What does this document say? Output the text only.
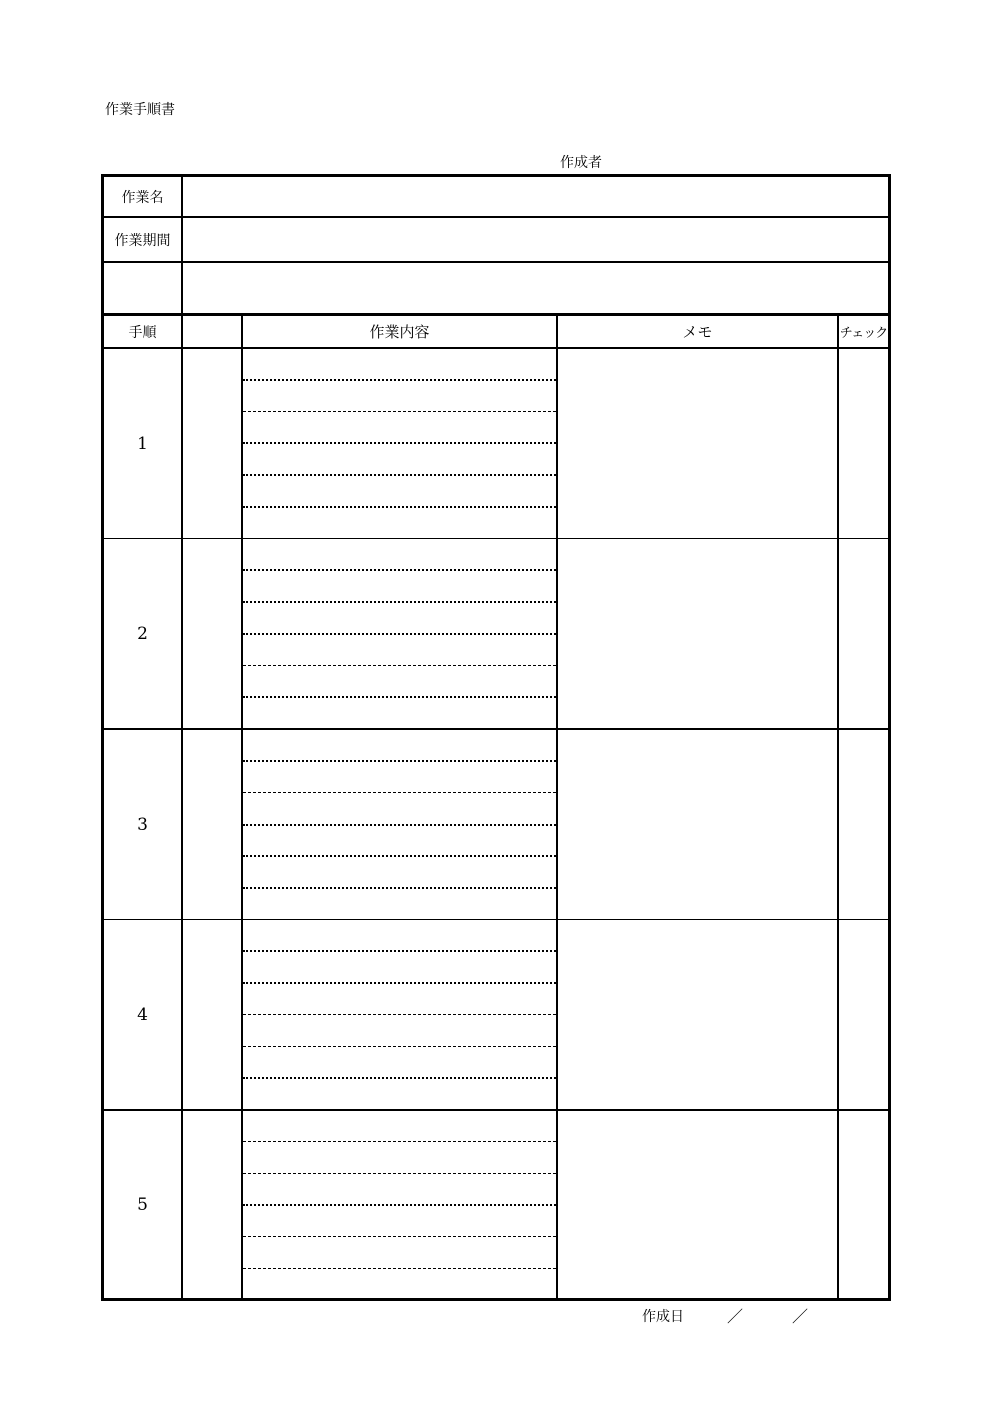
作業手順書
作成者
作業名
作業期間
手順	作業内容	メモ	チェック
1
2
3
4
5
作成日	／	／
